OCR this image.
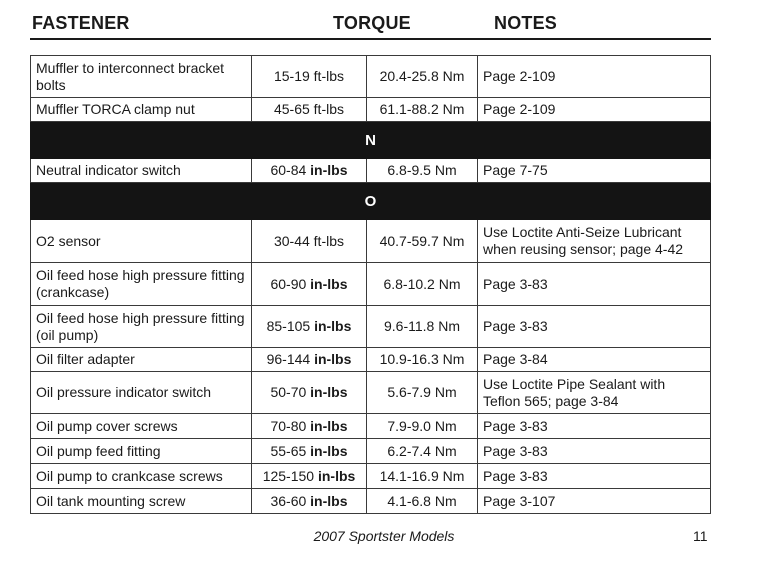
FASTENER	TORQUE	NOTES
Muffler to interconnect bracket bolts	15-19 ft-lbs	20.4-25.8 Nm	Page 2-109
Muffler TORCA clamp nut	45-65 ft-lbs	61.1-88.2 Nm	Page 2-109
N			
Neutral indicator switch	60-84 in-lbs	6.8-9.5 Nm	Page 7-75
O			
O2 sensor	30-44 ft-lbs	40.7-59.7 Nm	Use Loctite Anti-Seize Lubricant when reusing sensor; page 4-42
Oil feed hose high pressure fitting (crankcase)	60-90 in-lbs	6.8-10.2 Nm	Page 3-83
Oil feed hose high pressure fitting (oil pump)	85-105 in-lbs	9.6-11.8 Nm	Page 3-83
Oil filter adapter	96-144 in-lbs	10.9-16.3 Nm	Page 3-84
Oil pressure indicator switch	50-70 in-lbs	5.6-7.9 Nm	Use Loctite Pipe Sealant with Teflon 565; page 3-84
Oil pump cover screws	70-80 in-lbs	7.9-9.0 Nm	Page 3-83
Oil pump feed fitting	55-65 in-lbs	6.2-7.4 Nm	Page 3-83
Oil pump to crankcase screws	125-150 in-lbs	14.1-16.9 Nm	Page 3-83
Oil tank mounting screw	36-60 in-lbs	4.1-6.8 Nm	Page 3-107
2007 Sportster Models	11
